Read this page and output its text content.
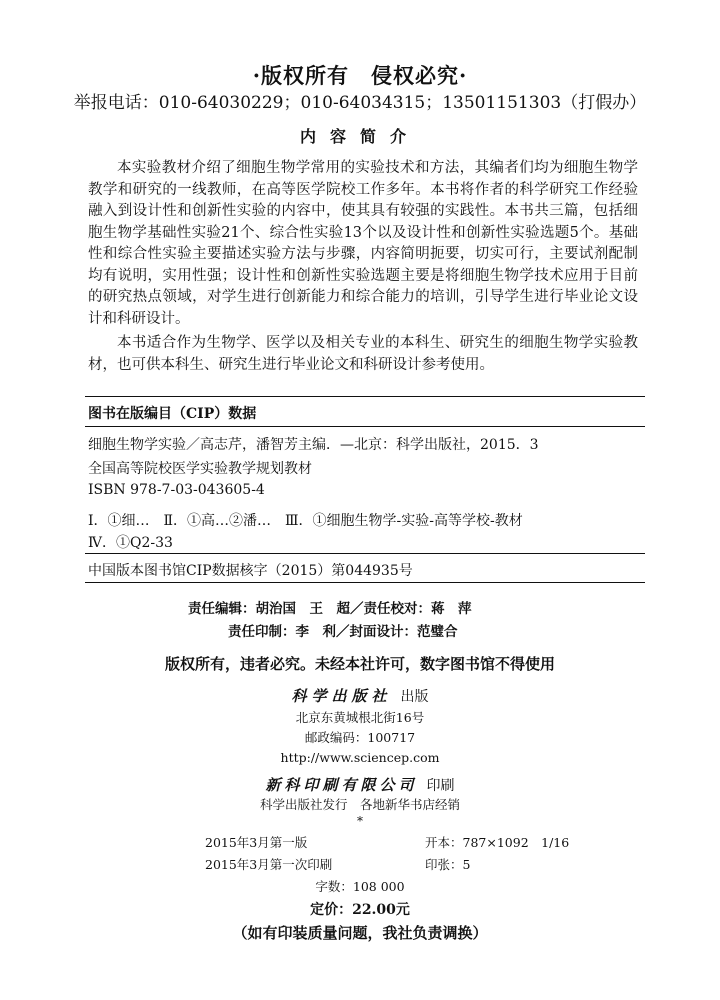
·版权所有　侵权必究·
举报电话：010-64030229；010-64034315；13501151303（打假办）
内容简介

本实验教材介绍了细胞生物学常用的实验技术和方法，其编者们均为细胞生物学教学和研究的一线教师，在高等医学院校工作多年。本书将作者的科学研究工作经验融入到设计性和创新性实验的内容中，使其具有较强的实践性。本书共三篇，包括细胞生物学基础性实验21个、综合性实验13个以及设计性和创新性实验选题5个。基础性和综合性实验主要描述实验方法与步骤，内容简明扼要，切实可行，主要试剂配制均有说明，实用性强；设计性和创新性实验选题主要是将细胞生物学技术应用于目前的研究热点领域，对学生进行创新能力和综合能力的培训，引导学生进行毕业论文设计和科研设计。

本书适合作为生物学、医学以及相关专业的本科生、研究生的细胞生物学实验教材，也可供本科生、研究生进行毕业论文和科研设计参考使用。

图书在版编目（CIP）数据
细胞生物学实验／高志芹，潘智芳主编．—北京：科学出版社，2015．3
全国高等院校医学实验教学规划教材
ISBN 978-7-03-043605-4
Ⅰ．①细…　Ⅱ．①高…②潘…　Ⅲ．①细胞生物学-实验-高等学校-教材
Ⅳ．①Q2-33
中国版本图书馆CIP数据核字（2015）第044935号
责任编辑：胡治国　王　超／责任校对：蒋　萍
责任印制：李　利／封面设计：范璧合
版权所有，违者必究。未经本社许可，数字图书馆不得使用
科学出版社 出版
北京东黄城根北街16号
邮政编码：100717
http://www.sciencep.com
新科印刷有限公司 印刷
科学出版社发行　各地新华书店经销
*
2015年3月第一版	开本：787×1092　1/16
2015年3月第一次印刷	印张：5
字数：108 000
定价：22.00元
（如有印装质量问题，我社负责调换）
